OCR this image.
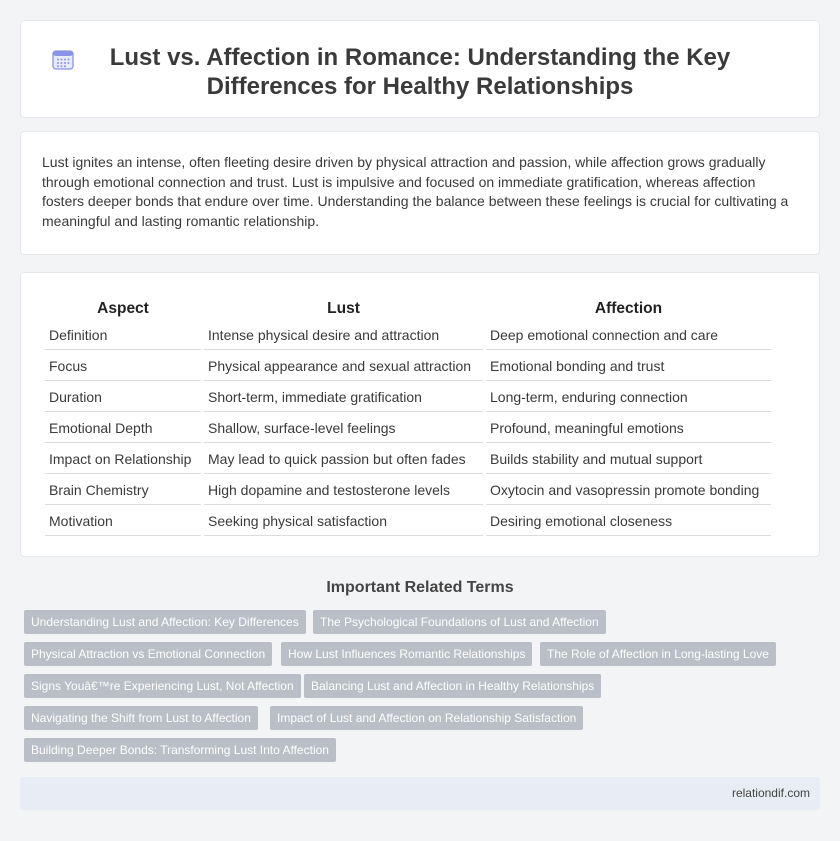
Lust vs. Affection in Romance: Understanding the Key Differences for Healthy Relationships

Lust ignites an intense, often fleeting desire driven by physical attraction and passion, while affection grows gradually through emotional connection and trust. Lust is impulsive and focused on immediate gratification, whereas affection fosters deeper bonds that endure over time. Understanding the balance between these feelings is crucial for cultivating a meaningful and lasting romantic relationship.

Aspect	Lust	Affection
Definition	Intense physical desire and attraction	Deep emotional connection and care
Focus	Physical appearance and sexual attraction	Emotional bonding and trust
Duration	Short-term, immediate gratification	Long-term, enduring connection
Emotional Depth	Shallow, surface-level feelings	Profound, meaningful emotions
Impact on Relationship	May lead to quick passion but often fades	Builds stability and mutual support
Brain Chemistry	High dopamine and testosterone levels	Oxytocin and vasopressin promote bonding
Motivation	Seeking physical satisfaction	Desiring emotional closeness
Important Related Terms
Understanding Lust and Affection: Key Differences	The Psychological Foundations of Lust and Affection
Physical Attraction vs Emotional Connection	How Lust Influences Romantic Relationships	The Role of Affection in Long-lasting Love
Signs Youâ€™re Experiencing Lust, Not Affection	Balancing Lust and Affection in Healthy Relationships
Navigating the Shift from Lust to Affection	Impact of Lust and Affection on Relationship Satisfaction
Building Deeper Bonds: Transforming Lust Into Affection
relationdif.com
